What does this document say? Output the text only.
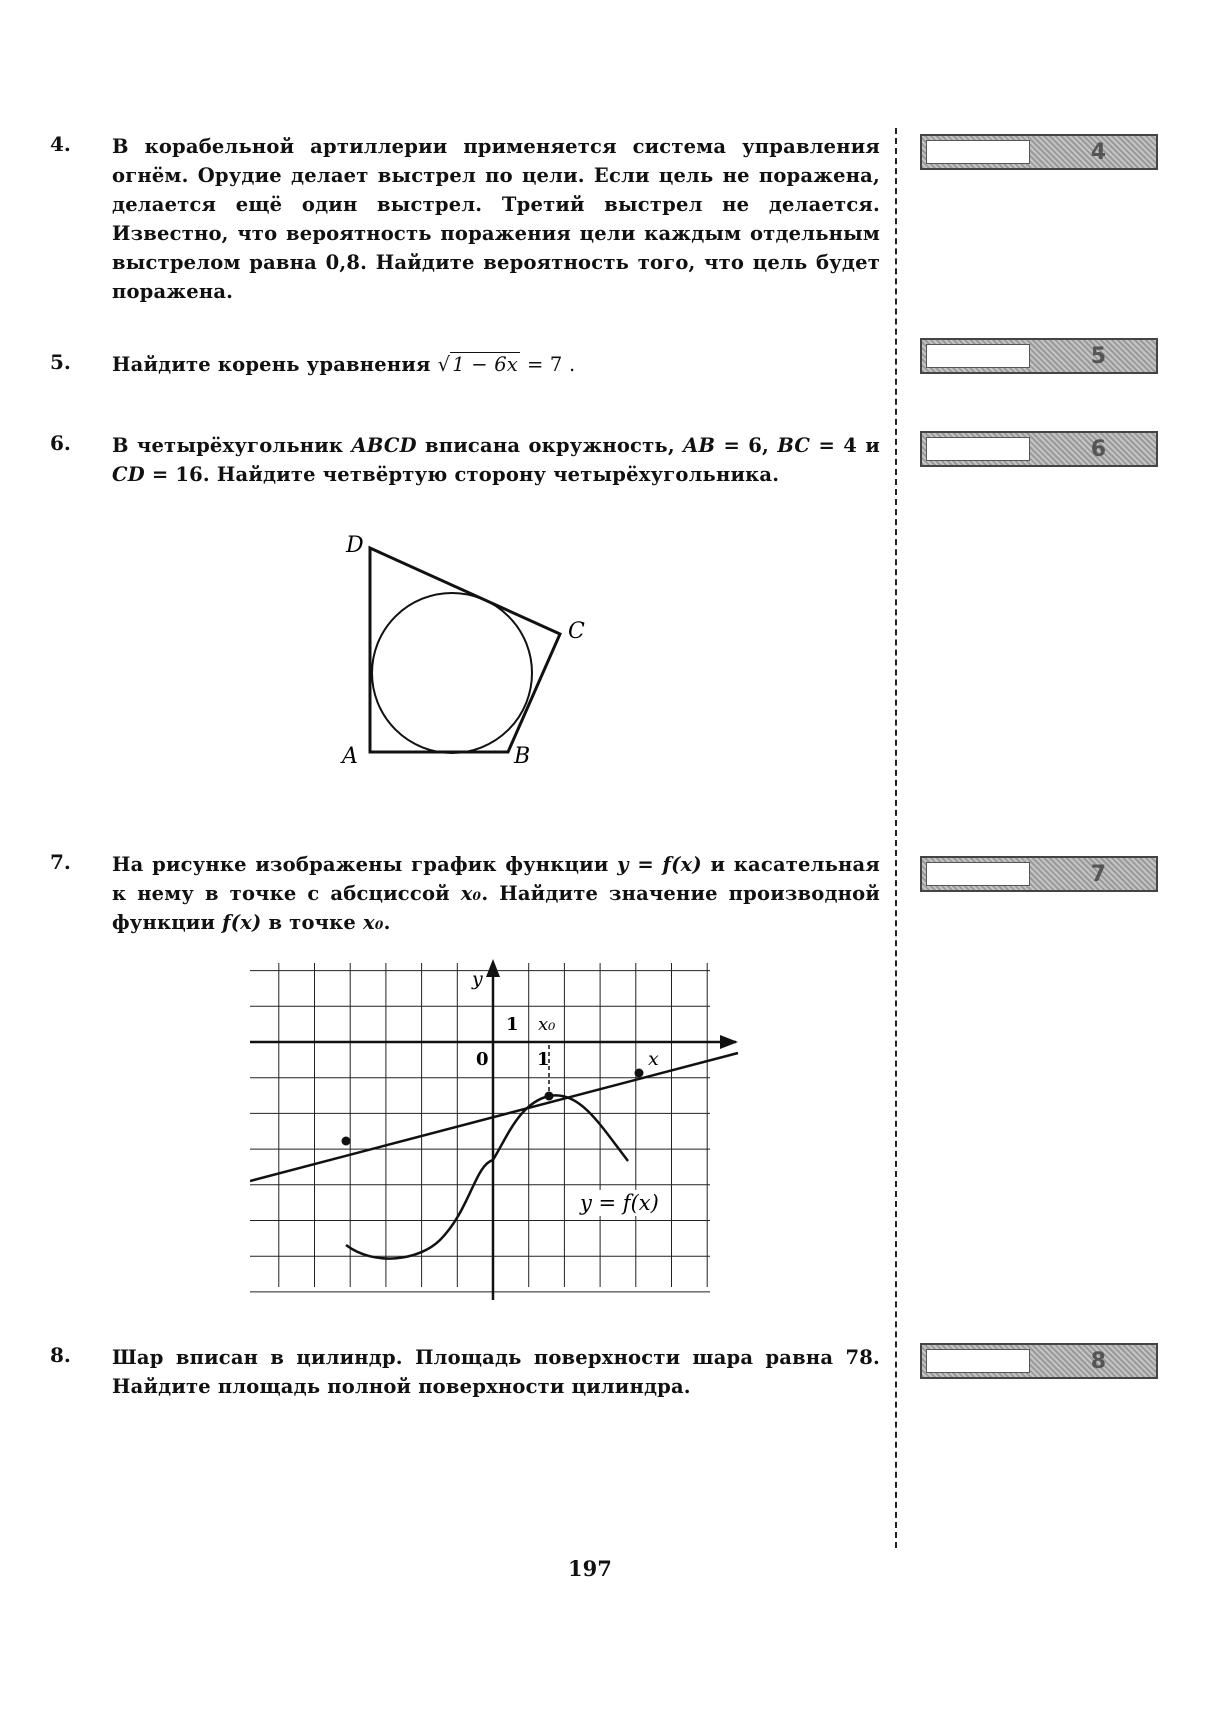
4. В корабельной артиллерии применяется система управления огнём. Орудие делает выстрел по цели. Если цель не поражена, делается ещё один выстрел. Третий выстрел не делается. Известно, что вероятность поражения цели каждым отдельным выстрелом равна 0,8. Найдите вероятность того, что цель будет поражена.
5. Найдите корень уравнения √ 1 − 6x = 7 .
6. В четырёхугольник ABCD вписана окружность, AB = 6, BC = 4 и CD = 16. Найдите четвёртую сторону четырёхугольника.
D
C
A	B
7. На рисунке изображены график функции y = f(x) и касательная к нему в точке с абсциссой x₀. Найдите значение производной функции f(x) в точке x₀.
y
x
0
1
1
x₀
y = f(x)
8. Шар вписан в цилиндр. Площадь поверхности шара равна 78. Найдите площадь полной поверхности цилиндра.
4
5
6
7
8
197
